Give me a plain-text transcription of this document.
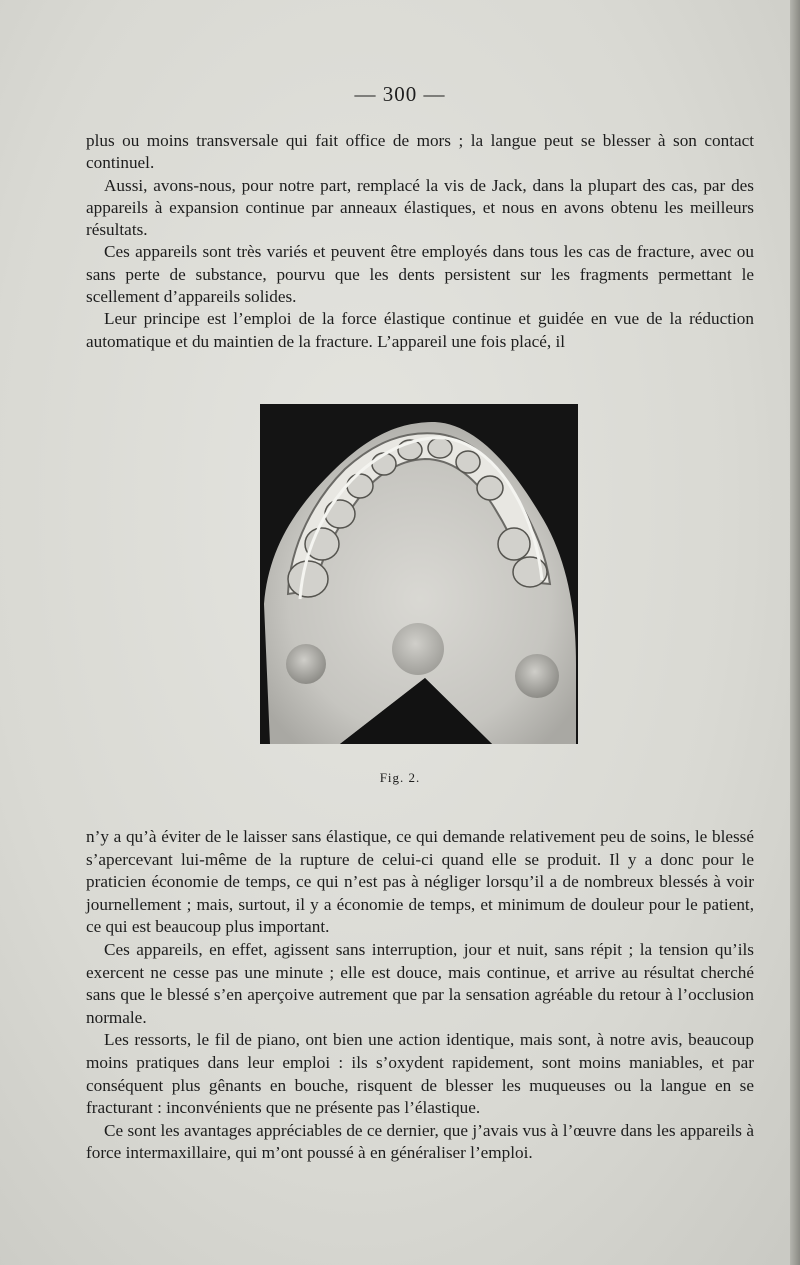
— 300 —

plus ou moins transversale qui fait office de mors ; la langue peut se blesser à son contact continuel.

Aussi, avons-nous, pour notre part, remplacé la vis de Jack, dans la plupart des cas, par des appareils à expansion continue par anneaux élastiques, et nous en avons obtenu les meilleurs résultats.

Ces appareils sont très variés et peuvent être employés dans tous les cas de fracture, avec ou sans perte de substance, pourvu que les dents persistent sur les fragments permettant le scellement d’appareils solides.

Leur principe est l’emploi de la force élastique continue et guidée en vue de la réduction automatique et du maintien de la fracture. L’appareil une fois placé, il

Fig. 2.

n’y a qu’à éviter de le laisser sans élastique, ce qui demande relativement peu de soins, le blessé s’apercevant lui-même de la rupture de celui-ci quand elle se produit. Il y a donc pour le praticien économie de temps, ce qui n’est pas à négliger lorsqu’il a de nombreux blessés à voir journellement ; mais, surtout, il y a économie de temps, et minimum de douleur pour le patient, ce qui est beaucoup plus important.

Ces appareils, en effet, agissent sans interruption, jour et nuit, sans répit ; la tension qu’ils exercent ne cesse pas une minute ; elle est douce, mais continue, et arrive au résultat cherché sans que le blessé s’en aperçoive autrement que par la sensation agréable du retour à l’occlusion normale.

Les ressorts, le fil de piano, ont bien une action identique, mais sont, à notre avis, beaucoup moins pratiques dans leur emploi : ils s’oxydent rapidement, sont moins maniables, et par conséquent plus gênants en bouche, risquent de blesser les muqueuses ou la langue en se fracturant : inconvénients que ne présente pas l’élastique.

Ce sont les avantages appréciables de ce dernier, que j’avais vus à l’œuvre dans les appareils à force intermaxillaire, qui m’ont poussé à en généraliser l’emploi.
